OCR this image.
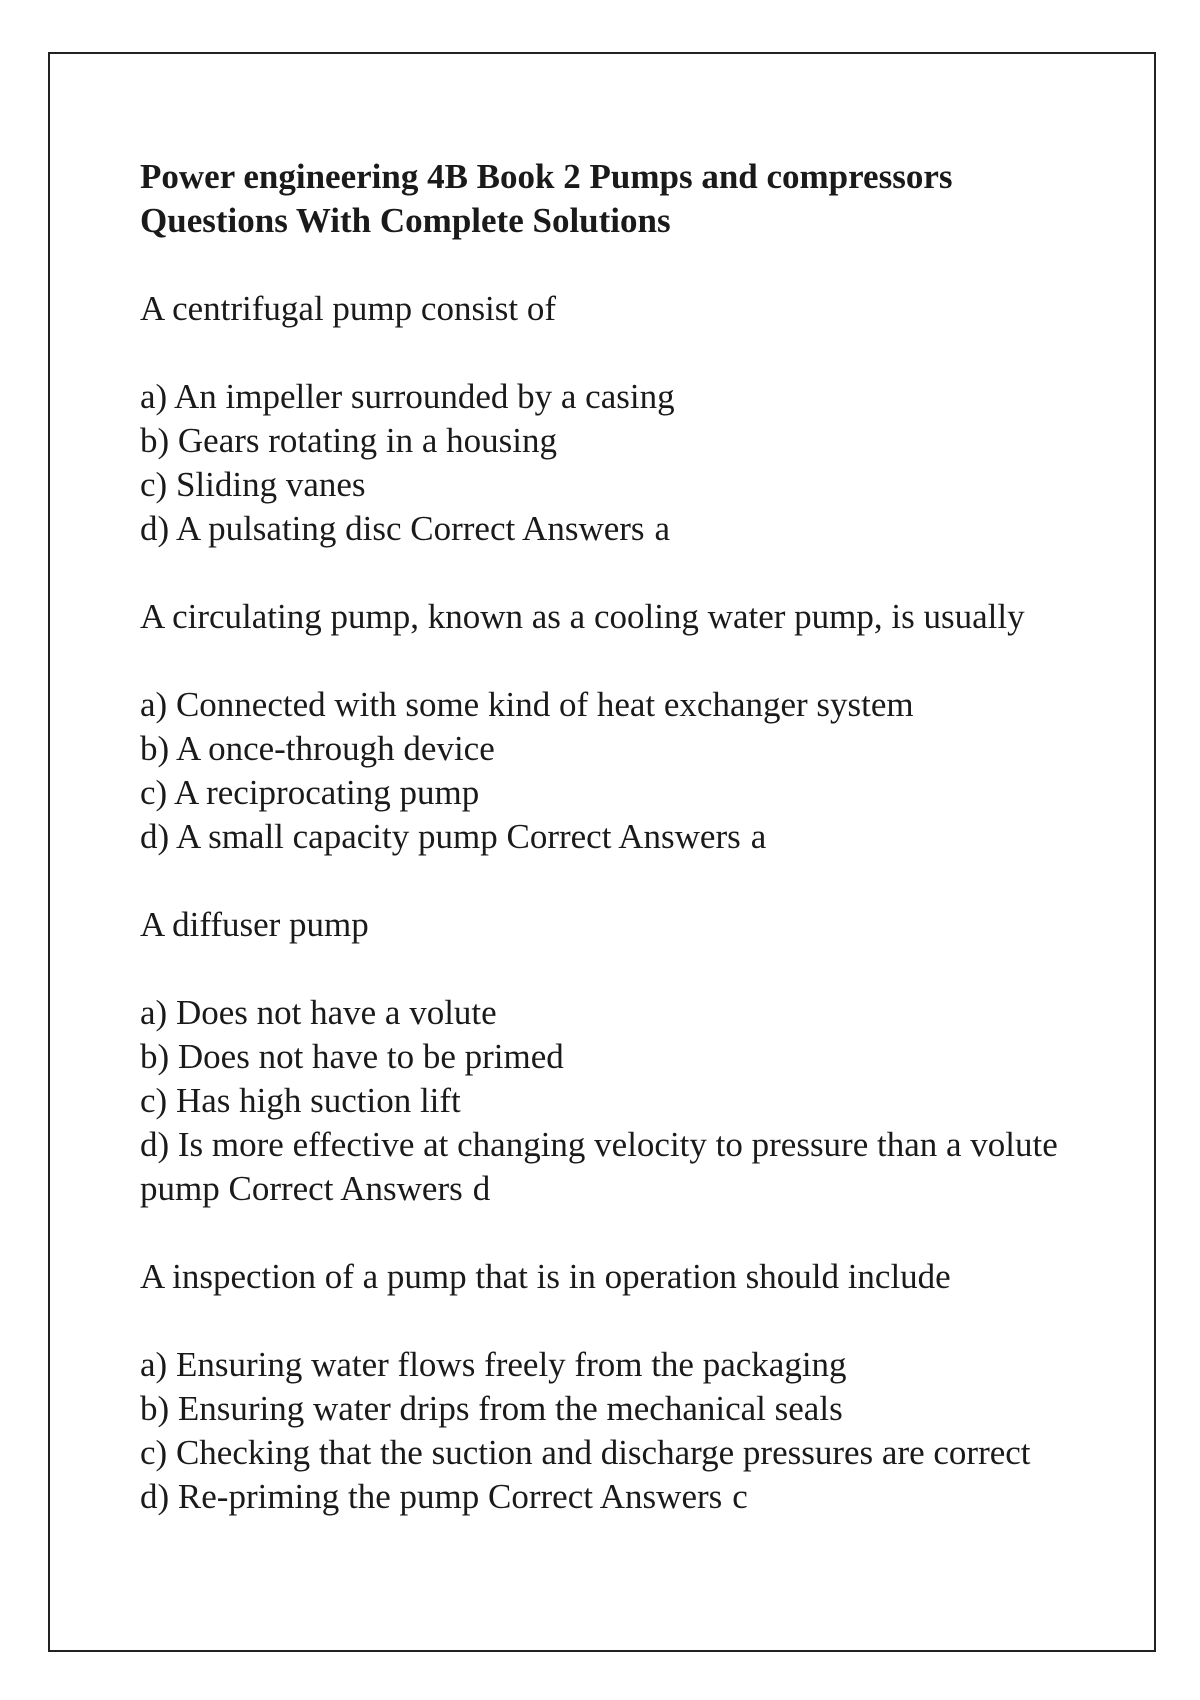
Power engineering 4B Book 2 Pumps and compressors
Questions With Complete Solutions
A centrifugal pump consist of
a) An impeller surrounded by a casing
b) Gears rotating in a housing
c) Sliding vanes
d) A pulsating disc Correct Answers a
A circulating pump, known as a cooling water pump, is usually
a) Connected with some kind of heat exchanger system
b) A once-through device
c) A reciprocating pump
d) A small capacity pump Correct Answers a
A diffuser pump
a) Does not have a volute
b) Does not have to be primed
c) Has high suction lift
d) Is more effective at changing velocity to pressure than a volute pump Correct Answers d
A inspection of a pump that is in operation should include
a) Ensuring water flows freely from the packaging
b) Ensuring water drips from the mechanical seals
c) Checking that the suction and discharge pressures are correct
d) Re-priming the pump Correct Answers c
